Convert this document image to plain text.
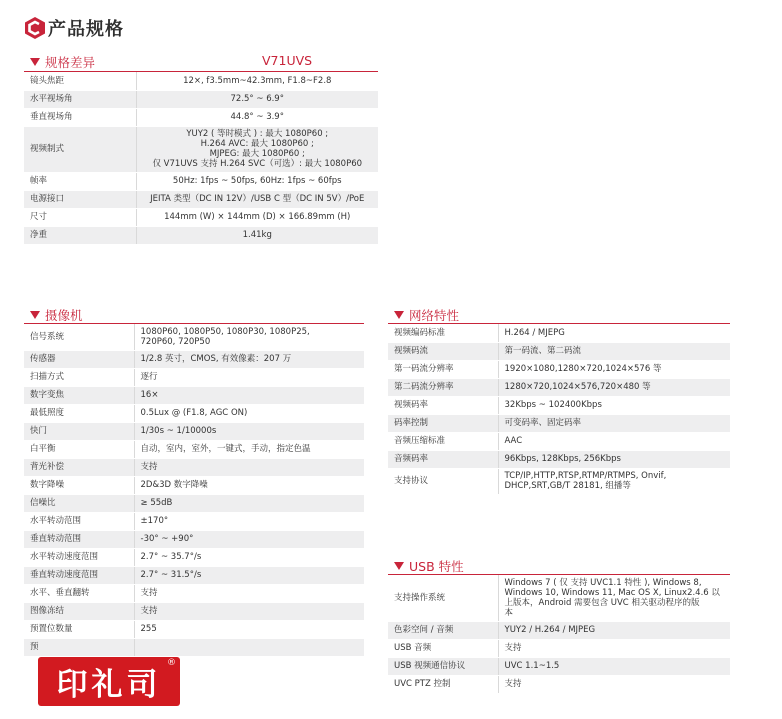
产品规格
规格差异	V71UVS
镜头焦距	12×, f3.5mm~42.3mm, F1.8~F2.8

水平视场角	72.5° ~ 6.9°

垂直视场角	44.8° ~ 3.9°

视频制式	YUY2 ( 等时模式 ) : 最大 1080P60 ;
H.264 AVC: 最大 1080P60 ;
MJPEG: 最大 1080P60 ;
仅 V71UVS 支持 H.264 SVC（可选）: 最大 1080P60

帧率	50Hz: 1fps ~ 50fps, 60Hz: 1fps ~ 60fps

电源接口	JEITA 类型（DC IN 12V）/USB C 型（DC IN 5V）/PoE

尺寸	144mm (W) × 144mm (D) × 166.89mm (H)

净重	1.41kg
摄像机
信号系统	1080P60, 1080P50, 1080P30, 1080P25,
720P60, 720P50

传感器	1/2.8 英寸，CMOS, 有效像素：207 万

扫描方式	逐行

数字变焦	16×

最低照度	0.5Lux @ (F1.8, AGC ON)

快门	1/30s ~ 1/10000s

白平衡	自动，室内，室外，一键式，手动，指定色温

背光补偿	支持

数字降噪	2D&3D 数字降噪

信噪比	≥ 55dB

水平转动范围	±170°

垂直转动范围	-30° ~ +90°

水平转动速度范围	2.7° ~ 35.7°/s

垂直转动速度范围	2.7° ~ 31.5°/s

水平、垂直翻转	支持

图像冻结	支持

预置位数量	255

预	
网络特性
视频编码标准	H.264 / MJEPG

视频码流	第一码流、第二码流

第一码流分辨率	1920×1080,1280×720,1024×576 等

第二码流分辨率	1280×720,1024×576,720×480 等

视频码率	32Kbps ~ 102400Kbps

码率控制	可变码率、固定码率

音频压缩标准	AAC

音频码率	96Kbps, 128Kbps, 256Kbps

支持协议	TCP/IP,HTTP,RTSP,RTMP/RTMPS, Onvif,
DHCP,SRT,GB/T 28181, 组播等
USB 特性
支持操作系统	Windows 7 ( 仅 支持 UVC1.1 特性 ), Windows 8,
Windows 10, Windows 11, Mac OS X, Linux2.4.6 以
上版本，Android 需要包含 UVC 相关驱动程序的版
本

色彩空间 / 音频	YUY2 / H.264 / MJPEG

USB 音频	支持

USB 视频通信协议	UVC 1.1~1.5

UVC PTZ 控制	支持
印礼司
®
